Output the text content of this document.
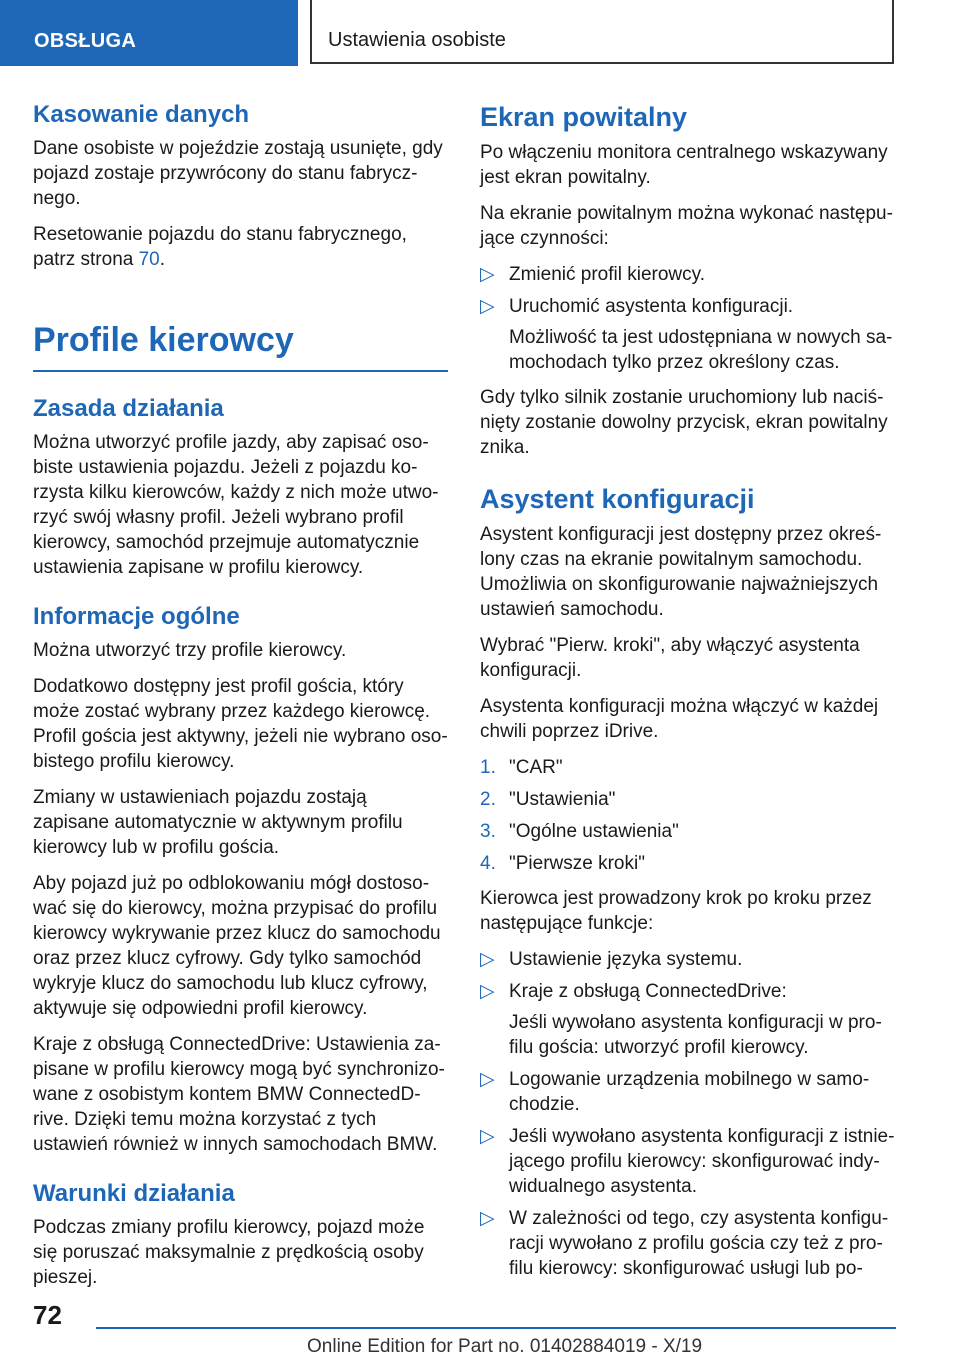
OBSŁUGA	Ustawienia osobiste
Kasowanie danych

Dane osobiste w pojeździe zostają usunięte, gdy pojazd zostaje przywrócony do stanu fabrycznego.

Resetowanie pojazdu do stanu fabrycznego, patrz strona 70.

Profile kierowcy
Zasada działania

Można utworzyć profile jazdy, aby zapisać osobiste ustawienia pojazdu. Jeżeli z pojazdu korzysta kilku kierowców, każdy z nich może utworzyć swój własny profil. Jeżeli wybrano profil kierowcy, samochód przejmuje automatycznie ustawienia zapisane w profilu kierowcy.

Informacje ogólne

Można utworzyć trzy profile kierowcy.

Dodatkowo dostępny jest profil gościa, który może zostać wybrany przez każdego kierowcę. Profil gościa jest aktywny, jeżeli nie wybrano osobistego profilu kierowcy.

Zmiany w ustawieniach pojazdu zostają zapisane automatycznie w aktywnym profilu kierowcy lub w profilu gościa.

Aby pojazd już po odblokowaniu mógł dostosować się do kierowcy, można przypisać do profilu kierowcy wykrywanie przez klucz do samochodu oraz przez klucz cyfrowy. Gdy tylko samochód wykryje klucz do samochodu lub klucz cyfrowy, aktywuje się odpowiedni profil kierowcy.

Kraje z obsługą ConnectedDrive: Ustawienia zapisane w profilu kierowcy mogą być synchronizowane z osobistym kontem BMW ConnectedDrive. Dzięki temu można korzystać z tych ustawień również w innych samochodach BMW.

Warunki działania

Podczas zmiany profilu kierowcy, pojazd może się poruszać maksymalnie z prędkością osoby pieszej.

Ekran powitalny

Po włączeniu monitora centralnego wskazywany jest ekran powitalny.

Na ekranie powitalnym można wykonać następujące czynności:

▷ Zmienić profil kierowcy.
▷ Uruchomić asystenta konfiguracji.
Możliwość ta jest udostępniana w nowych samochodach tylko przez określony czas.

Gdy tylko silnik zostanie uruchomiony lub naciśnięty zostanie dowolny przycisk, ekran powitalny znika.

Asystent konfiguracji

Asystent konfiguracji jest dostępny przez określony czas na ekranie powitalnym samochodu. Umożliwia on skonfigurowanie najważniejszych ustawień samochodu.

Wybrać "Pierw. kroki", aby włączyć asystenta konfiguracji.

Asystenta konfiguracji można włączyć w każdej chwili poprzez iDrive.

1. "CAR"
2. "Ustawienia"
3. "Ogólne ustawienia"
4. "Pierwsze kroki"

Kierowca jest prowadzony krok po kroku przez następujące funkcje:

▷ Ustawienie języka systemu.
▷ Kraje z obsługą ConnectedDrive:
Jeśli wywołano asystenta konfiguracji w profilu gościa: utworzyć profil kierowcy.
▷ Logowanie urządzenia mobilnego w samochodzie.
▷ Jeśli wywołano asystenta konfiguracji z istniejącego profilu kierowcy: skonfigurować indywidualnego asystenta.
▷ W zależności od tego, czy asystenta konfiguracji wywołano z profilu gościa czy też z profilu kierowcy: skonfigurować usługi lub po-
72
Online Edition for Part no. 01402884019 - X/19
